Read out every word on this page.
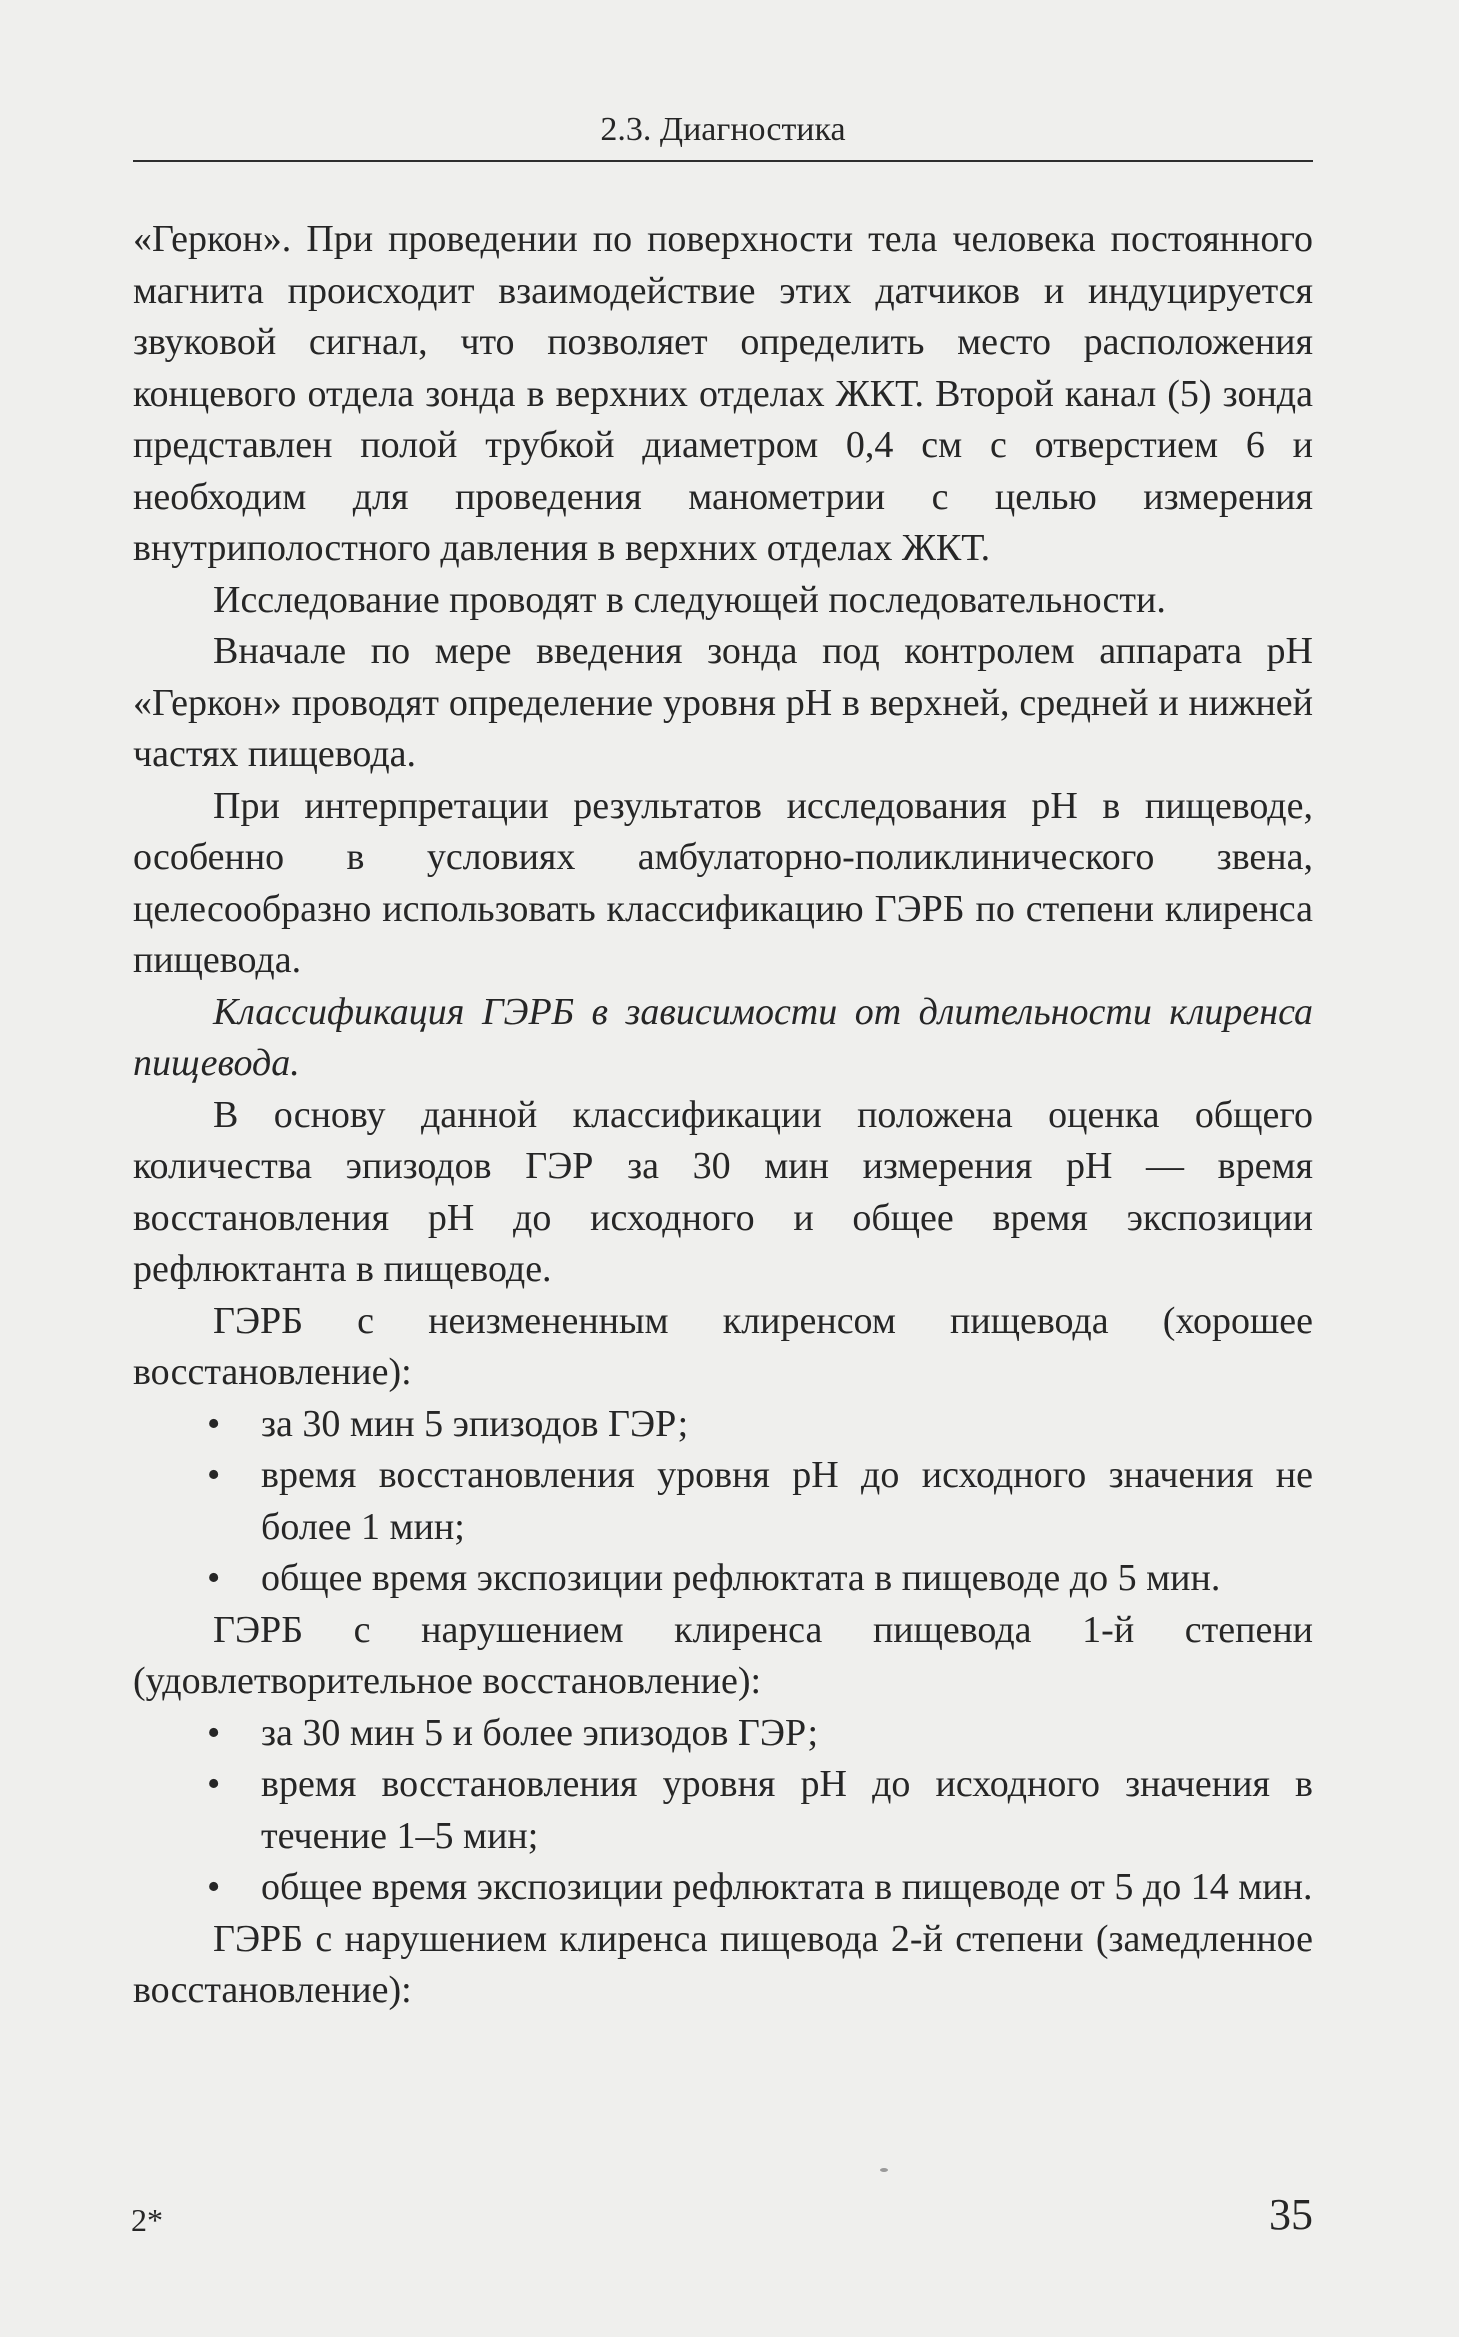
2.3. Диагностика

«Геркон». При проведении по поверхности тела человека постоянного магнита происходит взаимодействие этих датчиков и индуцируется звуковой сигнал, что позволяет определить место расположения концевого отдела зонда в верхних отделах ЖКТ. Второй канал (5) зонда представлен полой трубкой диаметром 0,4 см с отверстием 6 и необходим для проведения манометрии с целью измерения внутриполостного давления в верхних отделах ЖКТ.

Исследование проводят в следующей последовательности.

Вначале по мере введения зонда под контролем аппарата pH «Геркон» проводят определение уровня pH в верхней, средней и нижней частях пищевода.

При интерпретации результатов исследования pH в пищеводе, особенно в условиях амбулаторно-поликлинического звена, целесообразно использовать классификацию ГЭРБ по степени клиренса пищевода.

Классификация ГЭРБ в зависимости от длительности клиренса пищевода.

В основу данной классификации положена оценка общего количества эпизодов ГЭР за 30 мин измерения pH — время восстановления pH до исходного и общее время экспозиции рефлюктанта в пищеводе.

ГЭРБ с неизмененным клиренсом пищевода (хорошее восстановление):

• за 30 мин 5 эпизодов ГЭР;
• время восстановления уровня pH до исходного значения не более 1 мин;
• общее время экспозиции рефлюктата в пищеводе до 5 мин.

ГЭРБ с нарушением клиренса пищевода 1-й степени (удовлетворительное восстановление):

• за 30 мин 5 и более эпизодов ГЭР;
• время восстановления уровня pH до исходного значения в течение 1–5 мин;
• общее время экспозиции рефлюктата в пищеводе от 5 до 14 мин.

ГЭРБ с нарушением клиренса пищевода 2-й степени (замедленное восстановление):

2*	35
